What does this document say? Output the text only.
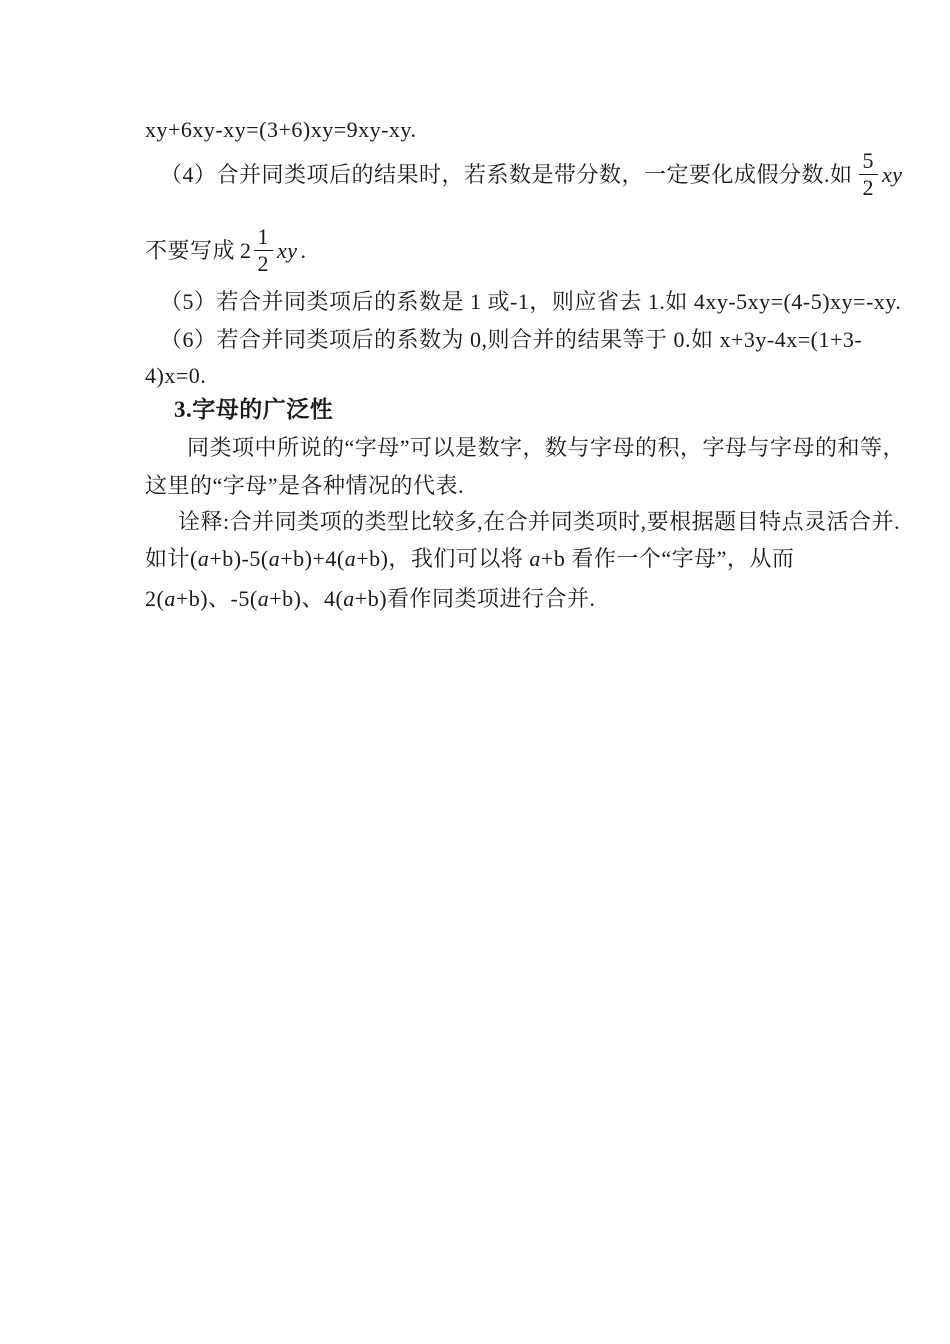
xy+6xy-xy=(3+6)xy=9xy-xy.
（4）合并同类项后的结果时，若系数是带分数，一定要化成假分数.如 $\frac{5}{2}$ xy
不要写成 $2 \frac{1}{2}$ xy .
（5）若合并同类项后的系数是 1 或-1，则应省去 1.如 4xy-5xy=(4-5)xy=-xy.
（6）若合并同类项后的系数为 0,则合并的结果等于 0.如 x+3y-4x=(1+3-
4)x=0.
3.字母的广泛性
同类项中所说的“字母”可以是数字，数与字母的积，字母与字母的和等，
这里的“字母”是各种情况的代表.
诠释:合并同类项的类型比较多,在合并同类项时,要根据题目特点灵活合并.
如计(a+b)-5(a+b)+4(a+b)，我们可以将 a+b 看作一个“字母”，从而
2(a+b)、-5(a+b)、4(a+b)看作同类项进行合并.
